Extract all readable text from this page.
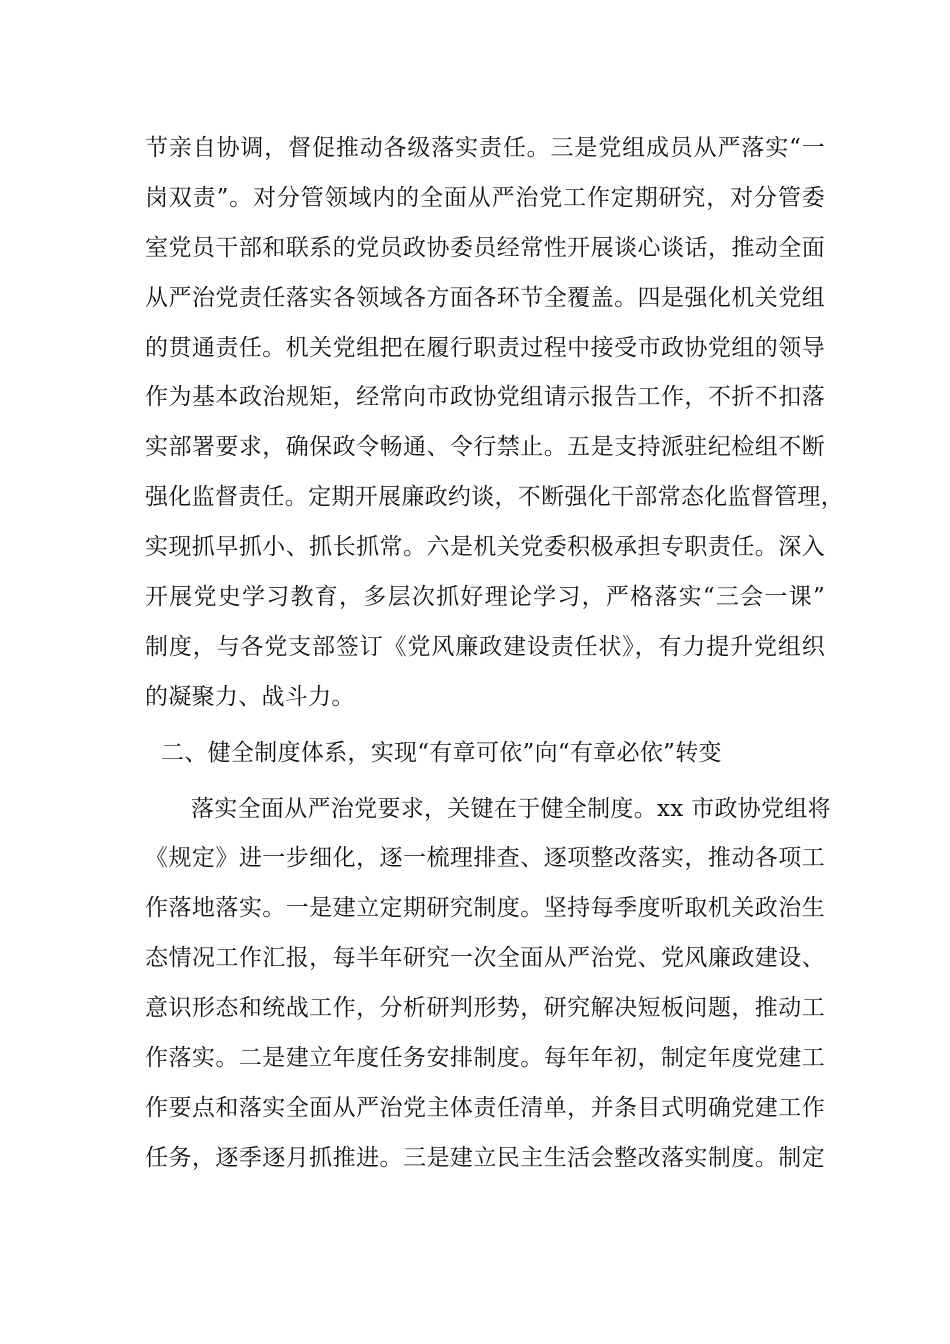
节亲自协调，督促推动各级落实责任。三是党组成员从严落实“一
岗双责”。对分管领域内的全面从严治党工作定期研究，对分管委
室党员干部和联系的党员政协委员经常性开展谈心谈话，推动全面
从严治党责任落实各领域各方面各环节全覆盖。四是强化机关党组
的贯通责任。机关党组把在履行职责过程中接受市政协党组的领导
作为基本政治规矩，经常向市政协党组请示报告工作，不折不扣落
实部署要求，确保政令畅通、令行禁止。五是支持派驻纪检组不断
强化监督责任。定期开展廉政约谈，不断强化干部常态化监督管理，
实现抓早抓小、抓长抓常。六是机关党委积极承担专职责任。深入
开展党史学习教育，多层次抓好理论学习，严格落实“三会一课”
制度，与各党支部签订《党风廉政建设责任状》，有力提升党组织
的凝聚力、战斗力。
二、健全制度体系，实现“有章可依”向“有章必依”转变
落实全面从严治党要求，关键在于健全制度。xx 市政协党组将
《规定》进一步细化，逐一梳理排查、逐项整改落实，推动各项工
作落地落实。一是建立定期研究制度。坚持每季度听取机关政治生
态情况工作汇报，每半年研究一次全面从严治党、党风廉政建设、
意识形态和统战工作，分析研判形势，研究解决短板问题，推动工
作落实。二是建立年度任务安排制度。每年年初，制定年度党建工
作要点和落实全面从严治党主体责任清单，并条目式明确党建工作
任务，逐季逐月抓推进。三是建立民主生活会整改落实制度。制定
